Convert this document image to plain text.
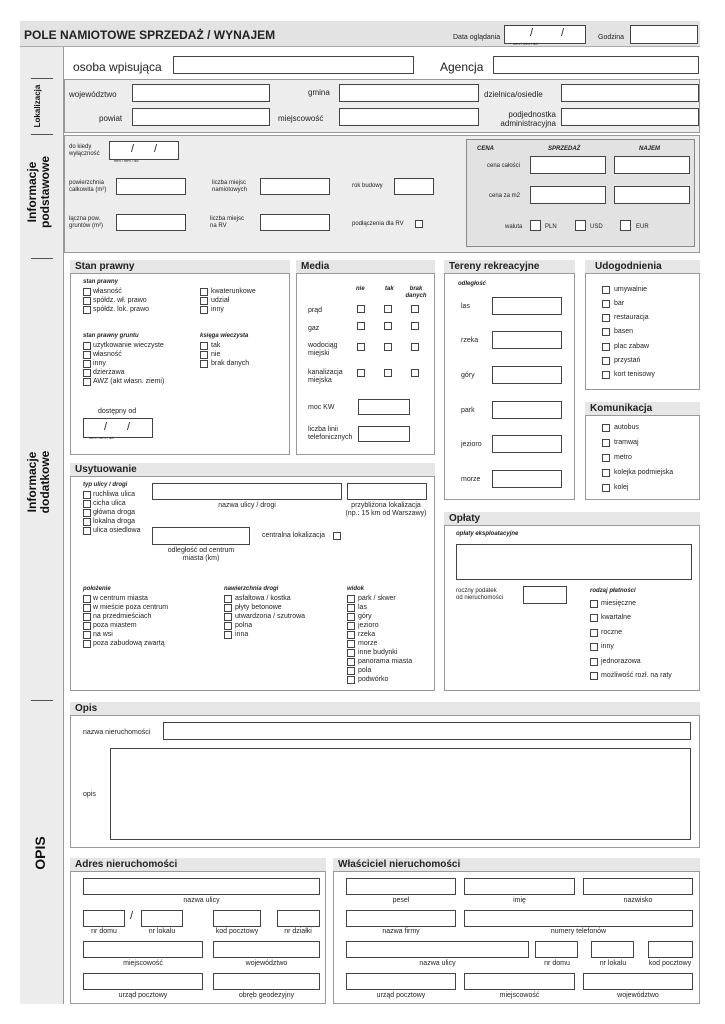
POLE NAMIOTOWE SPRZEDAŻ / WYNAJEM	Data oglądania	/	/
mm / mm / dd
Godzina
Lokalizacja
Informacje
podstawowe
Informacje
dodatkowe
OPIS
osoba wpisująca	Agencja
województwo	gmina	dzielnica/osiedle
powiat	miejscowość	podjednostka
administracyjna
do kiedy
wyłączność	/ /
mm / mm / dd
powierzchnia
całkowita (m²)
liczba miejsc
namiotowych
rok budowy
łączna pow.
gruntów (m²)
liczba miejsc
na RV	podłączenia dla RV
CENA	SPRZEDAŻ	NAJEM
cena całości
cena za m2
waluta	PLN	USD	EUR
Stan prawny
stan prawny
własność
spółdz. wł. prawo
spółdz. lok. prawo
kwaterunkowe
udział
inny
stan prawny gruntu
użytkowanie wieczyste
własność
inny
dzierżawa
AWZ (akt własn. ziemi)
księga wieczysta
tak
nie
brak danych
dostępny od
/ /
mm / mm / dd
Media
nie	tak	brak
danych
prąd
gaz
wodociąg
miejski
kanalizacja
miejska
moc KW
liczba linii
telefonicznych
Tereny rekreacyjne
odległość
las
rzeka
góry
park
jezioro
morze
Udogodnienia
umywalnie
bar
restauracja
basen
plac zabaw
przystań
kort tenisowy
Komunikacja
autobus
tramwaj
metro
kolejka podmiejska
kolej
Usytuowanie
typ ulicy / drogi
ruchliwa ulica
cicha ulica
główna droga
lokalna droga
ulica osiedlowa
nazwa ulicy / drogi	przybliżona lokalizacja
(np.: 15 km od Warszawy)
odległość od centrum
miasta (km)
centralna lokalizacja
położenie
w centrum miasta
w mieście poza centrum
na przedmieściach
poza miastem
na wsi
poza zabudową zwartą
nawierzchnia drogi
asfaltowa / kostka
płyty betonowe
utwardzona / szutrowa
polna
inna
widok
park / skwer
las
góry
jezioro
rzeka
morze
inne budynki
panorama miasta
pola
podwórko
Opłaty
opłaty eksploatacyjne
roczny podatek
od nieruchomości
rodzaj płatności
miesięczne
kwartalne
roczne
inny
jednorazowa
możliwość rozł. na raty
Opis
nazwa nieruchomości
opis
Adres nieruchomości
nazwa ulicy
/
nr domu	nr lokalu	kod pocztowy	nr działki
miejscowość	województwo
urząd pocztowy	obręb geodezyjny
Właściciel nieruchomości
pesel	imię	nazwisko
nazwa firmy	numery telefonów
nazwa ulicy	nr domu	nr lokalu	kod pocztowy
urząd pocztowy	miejscowość	województwo
